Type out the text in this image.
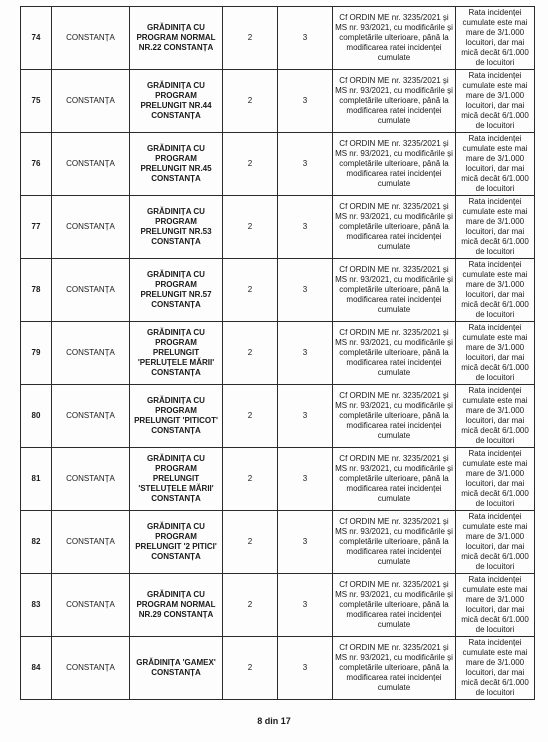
74	CONSTANȚA	GRĂDINIȚA CU PROGRAM NORMAL NR.22 CONSTANȚA	2	3	Cf ORDIN ME nr. 3235/2021 și MS nr. 93/2021, cu modificările și completările ulterioare, până la modificarea ratei incidenței cumulate	Rata incidenței cumulate este mai mare de 3/1.000 locuitori, dar mai mică decât 6/1.000 de locuitori
75	CONSTANȚA	GRĂDINIȚA CU PROGRAM PRELUNGIT NR.44 CONSTANȚA	2	3	Cf ORDIN ME nr. 3235/2021 și MS nr. 93/2021, cu modificările și completările ulterioare, până la modificarea ratei incidenței cumulate	Rata incidenței cumulate este mai mare de 3/1.000 locuitori, dar mai mică decât 6/1.000 de locuitori
76	CONSTANȚA	GRĂDINIȚA CU PROGRAM PRELUNGIT NR.45 CONSTANȚA	2	3	Cf ORDIN ME nr. 3235/2021 și MS nr. 93/2021, cu modificările și completările ulterioare, până la modificarea ratei incidenței cumulate	Rata incidenței cumulate este mai mare de 3/1.000 locuitori, dar mai mică decât 6/1.000 de locuitori
77	CONSTANȚA	GRĂDINIȚA CU PROGRAM PRELUNGIT NR.53 CONSTANȚA	2	3	Cf ORDIN ME nr. 3235/2021 și MS nr. 93/2021, cu modificările și completările ulterioare, până la modificarea ratei incidenței cumulate	Rata incidenței cumulate este mai mare de 3/1.000 locuitori, dar mai mică decât 6/1.000 de locuitori
78	CONSTANȚA	GRĂDINIȚA CU PROGRAM PRELUNGIT NR.57 CONSTANȚA	2	3	Cf ORDIN ME nr. 3235/2021 și MS nr. 93/2021, cu modificările și completările ulterioare, până la modificarea ratei incidenței cumulate	Rata incidenței cumulate este mai mare de 3/1.000 locuitori, dar mai mică decât 6/1.000 de locuitori
79	CONSTANȚA	GRĂDINIȚA CU PROGRAM PRELUNGIT 'PERLUȚELE MĂRII' CONSTANȚA	2	3	Cf ORDIN ME nr. 3235/2021 și MS nr. 93/2021, cu modificările și completările ulterioare, până la modificarea ratei incidenței cumulate	Rata incidenței cumulate este mai mare de 3/1.000 locuitori, dar mai mică decât 6/1.000 de locuitori
80	CONSTANȚA	GRĂDINIȚA CU PROGRAM PRELUNGIT 'PITICOT' CONSTANȚA	2	3	Cf ORDIN ME nr. 3235/2021 și MS nr. 93/2021, cu modificările și completările ulterioare, până la modificarea ratei incidenței cumulate	Rata incidenței cumulate este mai mare de 3/1.000 locuitori, dar mai mică decât 6/1.000 de locuitori
81	CONSTANȚA	GRĂDINIȚA CU PROGRAM PRELUNGIT 'STELUȚELE MĂRII' CONSTANȚA	2	3	Cf ORDIN ME nr. 3235/2021 și MS nr. 93/2021, cu modificările și completările ulterioare, până la modificarea ratei incidenței cumulate	Rata incidenței cumulate este mai mare de 3/1.000 locuitori, dar mai mică decât 6/1.000 de locuitori
82	CONSTANȚA	GRĂDINIȚA CU PROGRAM PRELUNGIT '2 PITICI' CONSTANȚA	2	3	Cf ORDIN ME nr. 3235/2021 și MS nr. 93/2021, cu modificările și completările ulterioare, până la modificarea ratei incidenței cumulate	Rata incidenței cumulate este mai mare de 3/1.000 locuitori, dar mai mică decât 6/1.000 de locuitori
83	CONSTANȚA	GRĂDINIȚA CU PROGRAM NORMAL NR.29 CONSTANȚA	2	3	Cf ORDIN ME nr. 3235/2021 și MS nr. 93/2021, cu modificările și completările ulterioare, până la modificarea ratei incidenței cumulate	Rata incidenței cumulate este mai mare de 3/1.000 locuitori, dar mai mică decât 6/1.000 de locuitori
84	CONSTANȚA	GRĂDINIȚA 'GAMEX' CONSTANȚA	2	3	Cf ORDIN ME nr. 3235/2021 și MS nr. 93/2021, cu modificările și completările ulterioare, până la modificarea ratei incidenței cumulate	Rata incidenței cumulate este mai mare de 3/1.000 locuitori, dar mai mică decât 6/1.000 de locuitori
8 din 17
